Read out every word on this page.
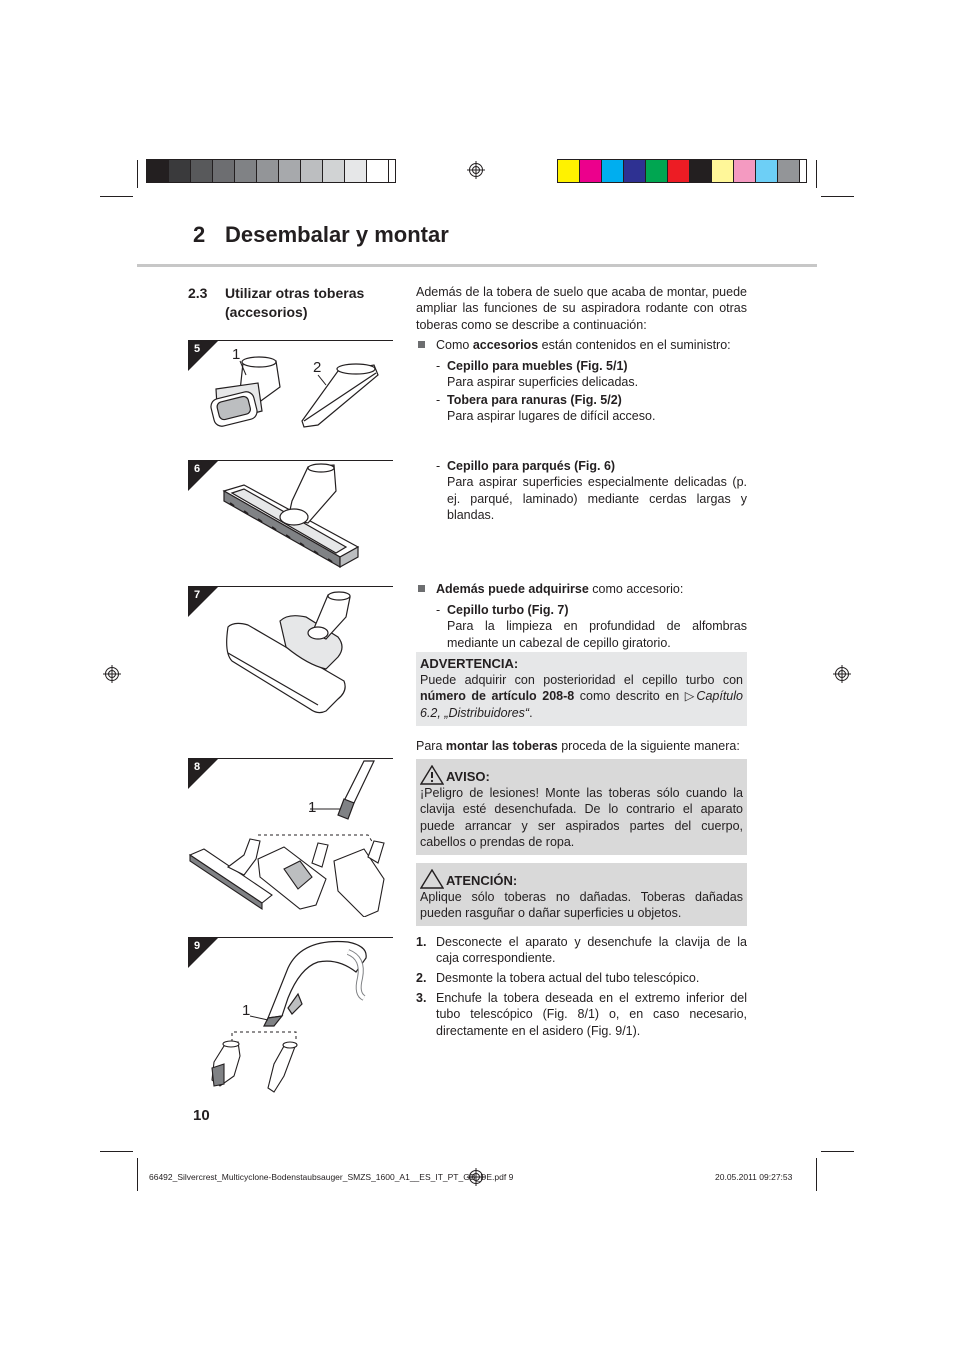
2 Desembalar y montar
2.3 Utilizar otras toberas (accesorios)
5 1
2
6
7
8
1
9
1
Además de la tobera de suelo que acaba de montar, puede ampliar las funciones de su aspiradora rodante con otras toberas como se describe a continuación:
Como accesorios están contenidos en el suministro:
- Cepillo para muebles (Fig. 5/1)
Para aspirar superficies delicadas.
- Tobera para ranuras (Fig. 5/2)
Para aspirar lugares de difícil acceso.
- Cepillo para parqués (Fig. 6)
Para aspirar superficies especialmente delicadas (p. ej. parqué, laminado) mediante cerdas largas y blandas.
Además puede adquirirse como accesorio:
- Cepillo turbo (Fig. 7)
Para la limpieza en profundidad de alfombras mediante un cabezal de cepillo giratorio.
ADVERTENCIA:
Puede adquirir con posterioridad el cepillo turbo con número de artículo 208-8 como descrito en ▷Capítulo 6.2, „Distribuidores“.
Para montar las toberas proceda de la siguiente manera:
AVISO:
¡Peligro de lesiones! Monte las toberas sólo cuando la clavija esté desenchufada. De lo contrario el aparato puede arrancar y ser aspirados partes del cuerpo, cabellos o prendas de ropa.
ATENCIÓN:
Aplique sólo toberas no dañadas. Toberas dañadas pueden rasguñar o dañar superficies u objetos.
1. Desconecte el aparato y desenchufe la clavija de la caja correspondiente.
2. Desmonte la tobera actual del tubo telescópico.
3. Enchufe la tobera deseada en el extremo inferior del tubo telescópico (Fig. 8/1) o, en caso necesario, directamente en el asidero (Fig. 9/1).
10
66492_Silvercrest_Multicyclone-Bodenstaubsauger_SMZS_1600_A1__ES_IT_PT_GB_DE.pdf 9	20.05.2011 09:27:53
